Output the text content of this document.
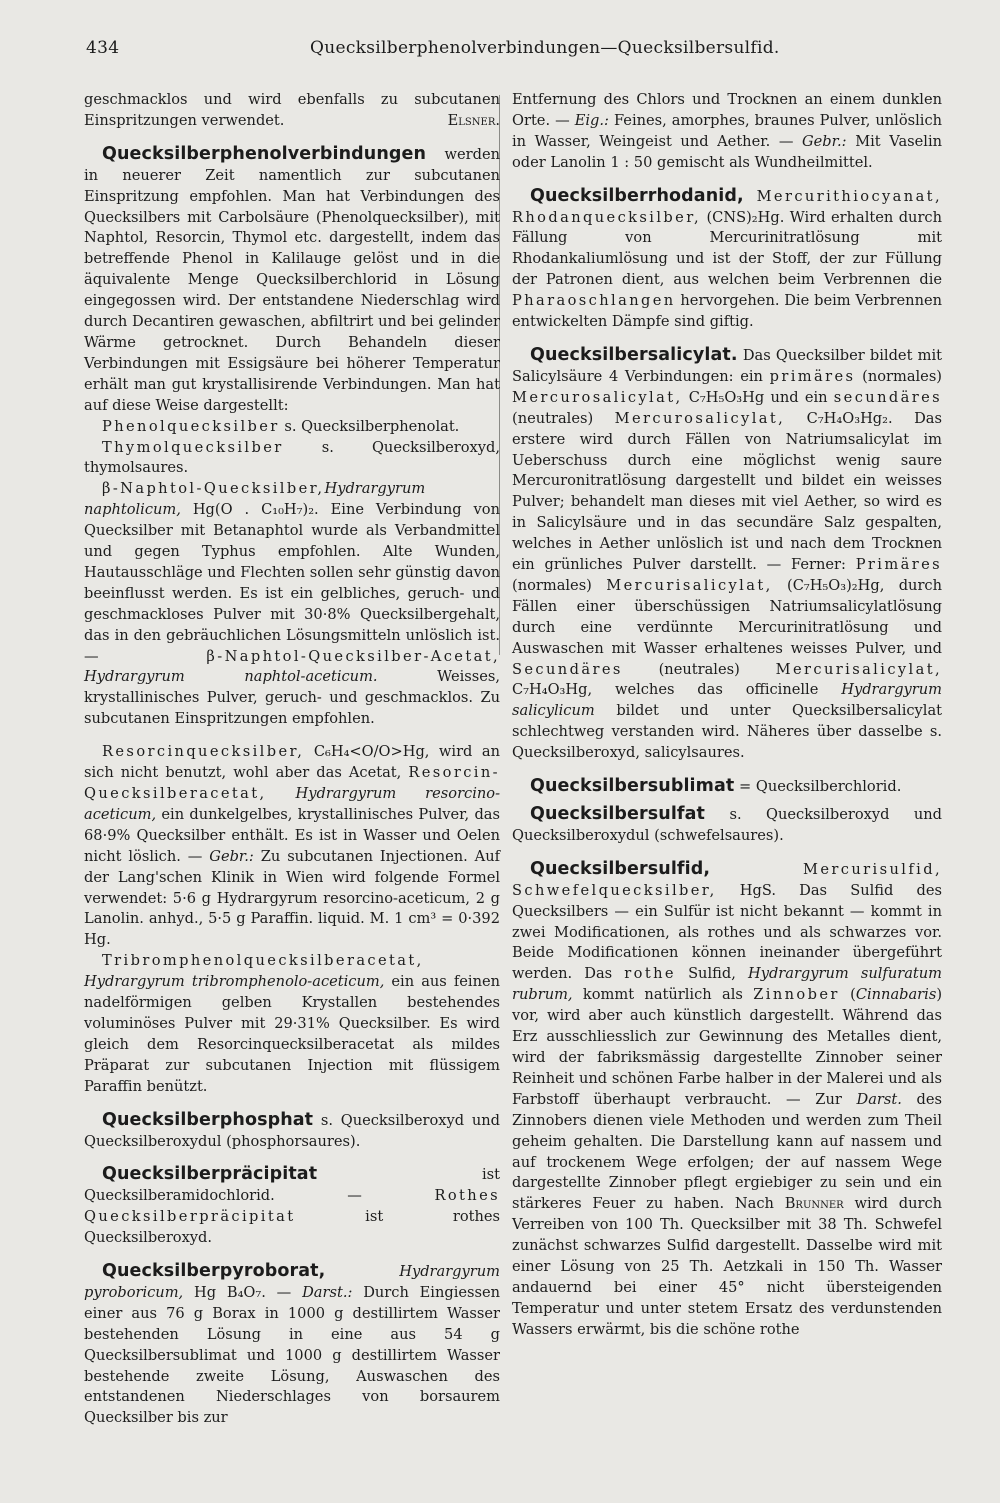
434	Quecksilberphenolverbindungen—Quecksilbersulfid.

geschmacklos und wird ebenfalls zu subcutanen Einspritzungen verwendet.	Elsner.

Quecksilberphenolverbindungen werden in neuerer Zeit namentlich zur subcutanen Einspritzung empfohlen. Man hat Verbindungen des Quecksilbers mit Carbolsäure (Phenolquecksilber), mit Naphtol, Resorcin, Thymol etc. dargestellt, indem das betreffende Phenol in Kalilauge gelöst und in die äquivalente Menge Quecksilberchlorid in Lösung eingegossen wird. Der entstandene Niederschlag wird durch Decantiren gewaschen, abfiltrirt und bei gelinder Wärme getrocknet. Durch Behandeln dieser Verbindungen mit Essigsäure bei höherer Temperatur erhält man gut krystallisirende Verbindungen. Man hat auf diese Weise dargestellt:

Phenolquecksilber s. Quecksilberphenolat.

Thymolquecksilber	s. Quecksilberoxyd, thymolsaures.

β-Naphtol-Quecksilber,Hydrargyrum naphtolicum, Hg(O . C₁₀H₇)₂. Eine Verbindung von Quecksilber mit Betanaphtol wurde als Verbandmittel und gegen Typhus empfohlen. Alte Wunden, Hautausschläge und Flechten sollen sehr günstig davon beeinflusst werden. Es ist ein gelbliches, geruch- und geschmackloses Pulver mit 30·8% Quecksilbergehalt, das in den gebräuchlichen Lösungsmitteln unlöslich ist. —	β-Naphtol-Quecksilber-Acetat, Hydrargyrum naphtol-aceticum.	Weisses, krystallinisches Pulver, geruch- und geschmacklos. Zu subcutanen Einspritzungen empfohlen.

Resorcinquecksilber, C₆H₄<O/O>Hg, wird an sich nicht benutzt, wohl aber das Acetat, Resorcin-Quecksilberacetat, Hydrargyrum resorcino-aceticum, ein dunkelgelbes, krystallinisches Pulver, das 68·9% Quecksilber enthält. Es ist in Wasser und Oelen nicht löslich. — Gebr.: Zu subcutanen Injectionen. Auf der Lang'schen Klinik in Wien wird folgende Formel verwendet: 5·6 g Hydrargyrum resorcino-aceticum, 2 g Lanolin. anhyd., 5·5 g Paraffin. liquid. M. 1 cm³ = 0·392 Hg.

Tribromphenolquecksilberacetat, Hydrargyrum tribromphenolo-aceticum, ein aus feinen nadelförmigen gelben Krystallen bestehendes voluminöses Pulver mit 29·31% Quecksilber. Es wird gleich dem Resorcinquecksilberacetat als mildes Präparat zur subcutanen Injection mit flüssigem Paraffin benützt.

Quecksilberphosphat s. Quecksilberoxyd und Quecksilberoxydul (phosphorsaures).

Quecksilberpräcipitat	ist Quecksilberamidochlorid. —	Rothes Quecksilberpräcipitat	ist rothes Quecksilberoxyd.

Quecksilberpyroborat,	Hydrargyrum pyroboricum, Hg B₄O₇. — Darst.: Durch Eingiessen einer aus 76 g Borax in 1000 g destillirtem Wasser bestehenden Lösung in eine aus 54 g Quecksilbersublimat und 1000 g destillirtem Wasser bestehende zweite Lösung, Auswaschen des entstandenen Niederschlages von borsaurem Quecksilber bis zur

Entfernung des Chlors und Trocknen an einem dunklen Orte. — Eig.: Feines, amorphes, braunes Pulver, unlöslich in Wasser, Weingeist und Aether. — Gebr.: Mit Vaselin oder Lanolin 1 : 50 gemischt als Wundheilmittel.

Quecksilberrhodanid, Mercurithiocyanat, Rhodanquecksilber, (CNS)₂Hg. Wird erhalten durch Fällung von Mercurinitratlösung mit Rhodankaliumlösung und ist der Stoff, der zur Füllung der Patronen dient, aus welchen beim Verbrennen die Pharaoschlangen hervorgehen. Die beim Verbrennen entwickelten Dämpfe sind giftig.

Quecksilbersalicylat. Das Quecksilber bildet mit Salicylsäure 4 Verbindungen: ein primäres (normales) Mercurosalicylat, C₇H₅O₃Hg und ein secundäres (neutrales) Mercurosalicylat, C₇H₄O₃Hg₂. Das erstere wird durch Fällen von Natriumsalicylat im Ueberschuss durch eine möglichst wenig saure Mercuronitratlösung dargestellt und bildet ein weisses Pulver; behandelt man dieses mit viel Aether, so wird es in Salicylsäure und in das secundäre Salz gespalten, welches in Aether unlöslich ist und nach dem Trocknen ein grünliches Pulver darstellt. — Ferner: Primäres (normales) Mercurisalicylat, (C₇H₅O₃)₂Hg, durch Fällen einer überschüssigen Natriumsalicylatlösung durch eine verdünnte Mercurinitratlösung und Auswaschen mit Wasser erhaltenes weisses Pulver, und Secundäres (neutrales) Mercurisalicylat, C₇H₄O₃Hg, welches das officinelle Hydrargyrum salicylicum bildet und unter Quecksilbersalicylat schlechtweg verstanden wird. Näheres über dasselbe s. Quecksilberoxyd, salicylsaures.

Quecksilbersublimat = Quecksilberchlorid.

Quecksilbersulfat s. Quecksilberoxyd und Quecksilberoxydul (schwefelsaures).

Quecksilbersulfid,	Mercurisulfid, Schwefelquecksilber, HgS. Das Sulfid des Quecksilbers — ein Sulfür ist nicht bekannt — kommt in zwei Modificationen, als rothes und als schwarzes vor. Beide Modificationen können ineinander übergeführt werden. Das rothe Sulfid, Hydrargyrum sulfuratum rubrum, kommt natürlich als Zinnober (Cinnabaris) vor, wird aber auch künstlich dargestellt. Während das Erz ausschliesslich zur Gewinnung des Metalles dient, wird der fabriksmässig dargestellte Zinnober seiner Reinheit und schönen Farbe halber in der Malerei und als Farbstoff überhaupt verbraucht. — Zur Darst. des Zinnobers dienen viele Methoden und werden zum Theil geheim gehalten. Die Darstellung kann auf nassem und auf trockenem Wege erfolgen; der auf nassem Wege dargestellte Zinnober pflegt ergiebiger zu sein und ein stärkeres Feuer zu haben. Nach Brunner wird durch Verreiben von 100 Th. Quecksilber mit 38 Th. Schwefel zunächst schwarzes Sulfid dargestellt. Dasselbe wird mit einer Lösung von 25 Th. Aetzkali in 150 Th. Wasser andauernd bei einer 45° nicht übersteigenden Temperatur und unter stetem Ersatz des verdunstenden Wassers erwärmt, bis die schöne rothe
